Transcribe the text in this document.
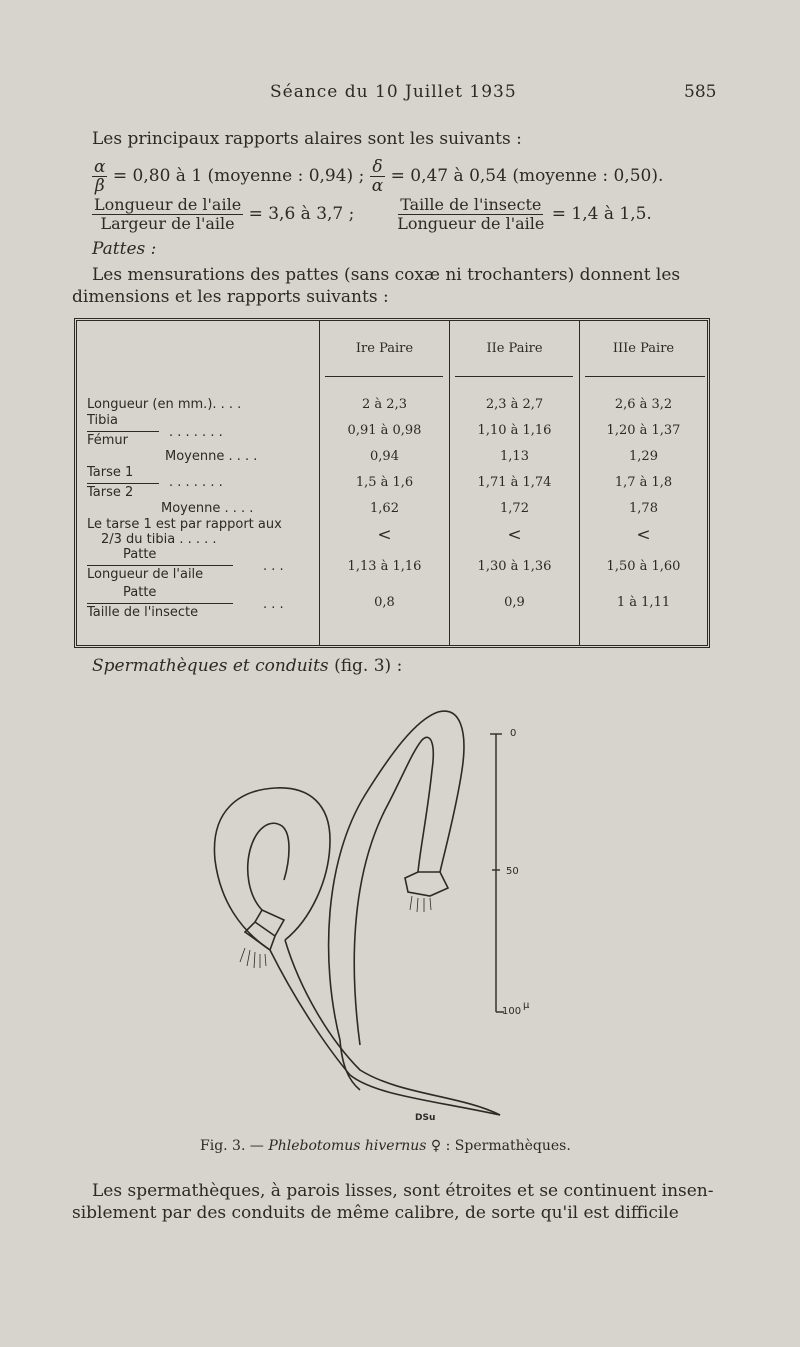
Séance du 10 Juillet 1935	585
Les principaux rapports alaires sont les suivants :
$\frac{\alpha}{\beta} = 0,80$ à 1 (moyenne : 0,94) ; $\frac{\delta}{\alpha} = 0,47$ à 0,54 (moyenne : 0,50).
$\frac{\text{Longueur de l'aile}}{\text{Largeur de l'aile}} = 3,6$ à 3,7 ;	$\frac{\text{Taille de l'insecte}}{\text{Longueur de l'aile}} = 1,4$ à 1,5.
Pattes :
Les mensurations des pattes (sans coxæ ni trochanters) donnent les
dimensions et les rapports suivants :
Ire Paire	IIe Paire	IIIe Paire
Longueur (en mm.). . . .	2 à 2,3	2,3 à 2,7	2,6 à 3,2
Tibia
Fémur
. . . . . . .	0,91 à 0,98	1,10 à 1,16	1,20 à 1,37
Moyenne . . . .	0,94	1,13	1,29
Tarse 1
Tarse 2
. . . . . . .	1,5 à 1,6	1,71 à 1,74	1,7 à 1,8
Moyenne . . . .	1,62	1,72	1,78
Le tarse 1 est par rapport aux
2/3 du tibia . . . . .	<	<	<
Patte
Longueur de l'aile
. . .	1,13 à 1,16	1,30 à 1,36	1,50 à 1,60
Patte
Taille de l'insecte
. . .	0,8	0,9	1 à 1,11
Spermathèques et conduits (fig. 3) :
0
50
100
μ
DSu
Fig. 3. — Phlebotomus hivernus ♀ : Spermathèques.
Les spermathèques, à parois lisses, sont étroites et se continuent insen-
siblement par des conduits de même calibre, de sorte qu'il est difficile
